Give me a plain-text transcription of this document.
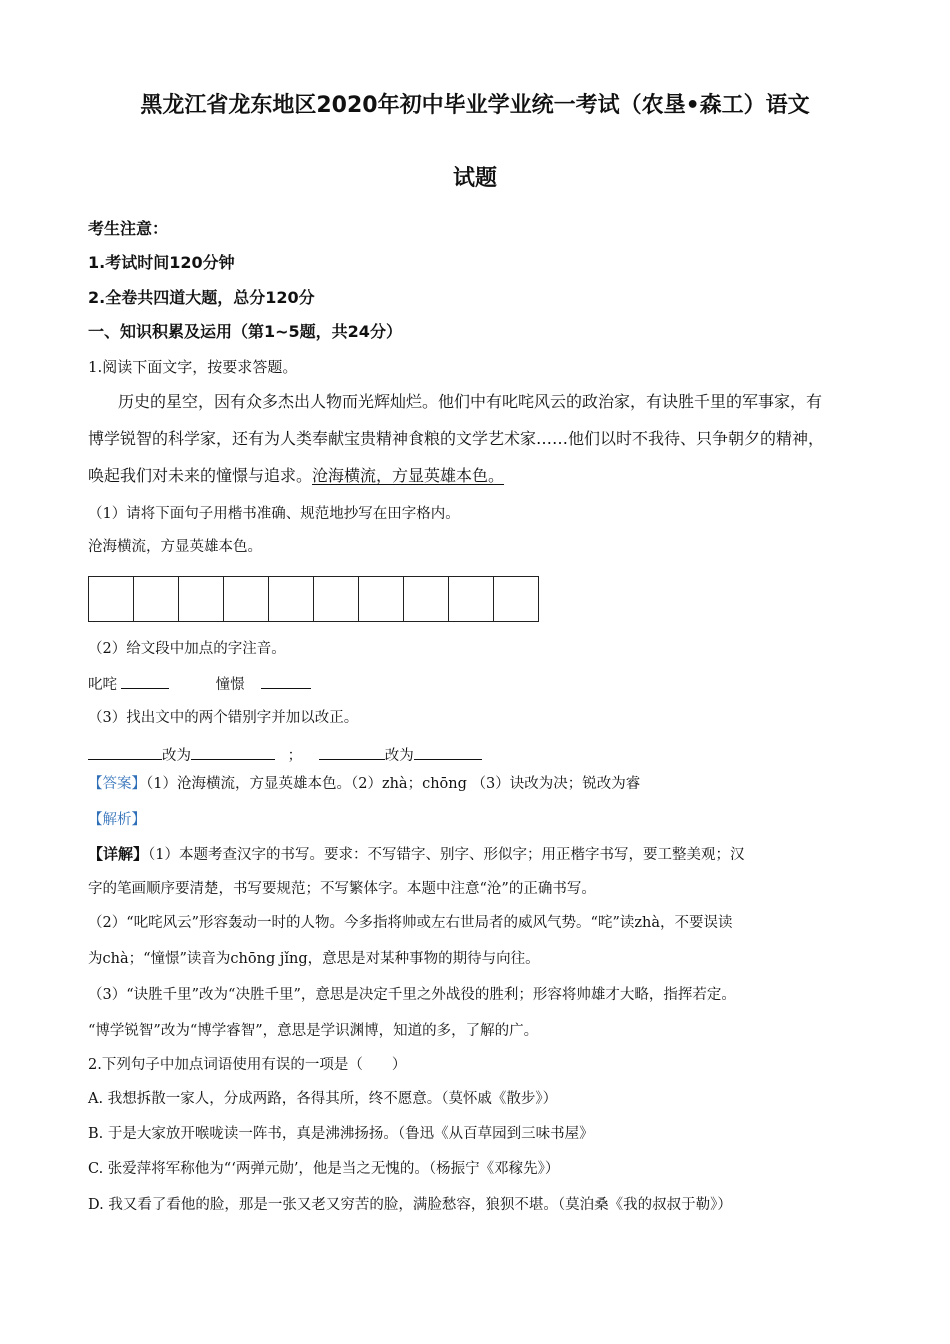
黑龙江省龙东地区2020年初中毕业学业统一考试（农垦•森工）语文
试题
考生注意：
1.考试时间120分钟
2.全卷共四道大题，总分120分
一、知识积累及运用（第1~5题，共24分）
1.阅读下面文字，按要求答题。
历史的星空，因有众多杰出人物而光辉灿烂。他们中有叱咤风云的政治家，有诀胜千里的军事家，有
博学锐智的科学家，还有为人类奉献宝贵精神食粮的文学艺术家……他们以时不我待、只争朝夕的精神，
唤起我们对未来的憧憬与追求。沧海横流，方显英雄本色。
（1）请将下面句子用楷书准确、规范地抄写在田字格内。
沧海横流，方显英雄本色。
（2）给文段中加点的字注音。
叱咤	憧憬
（3）找出文中的两个错别字并加以改正。
改为	；	改为
【答案】（1）沧海横流，方显英雄本色。（2）zhà；chōng （3）诀改为决；锐改为睿
【解析】
【详解】（1）本题考查汉字的书写。要求：不写错字、别字、形似字；用正楷字书写，要工整美观；汉
字的笔画顺序要清楚，书写要规范；不写繁体字。本题中注意“沧”的正确书写。
（2）“叱咤风云”形容轰动一时的人物。今多指将帅或左右世局者的威风气势。“咤”读zhà，不要误读
为chà；“憧憬”读音为chōng jǐng，意思是对某种事物的期待与向往。
（3）“诀胜千里”改为“决胜千里”，意思是决定千里之外战役的胜利；形容将帅雄才大略，指挥若定。
“博学锐智”改为“博学睿智”，意思是学识渊博，知道的多，了解的广。
2.下列句子中加点词语使用有误的一项是（　　）
A. 我想拆散一家人，分成两路，各得其所，终不愿意。（莫怀戚《散步》）
B. 于是大家放开喉咙读一阵书，真是沸沸扬扬。（鲁迅《从百草园到三味书屋》
C. 张爱萍将军称他为“‘两弹元勋’，他是当之无愧的。（杨振宁《邓稼先》）
D. 我又看了看他的脸，那是一张又老又穷苦的脸，满脸愁容，狼狈不堪。（莫泊桑《我的叔叔于勒》）
